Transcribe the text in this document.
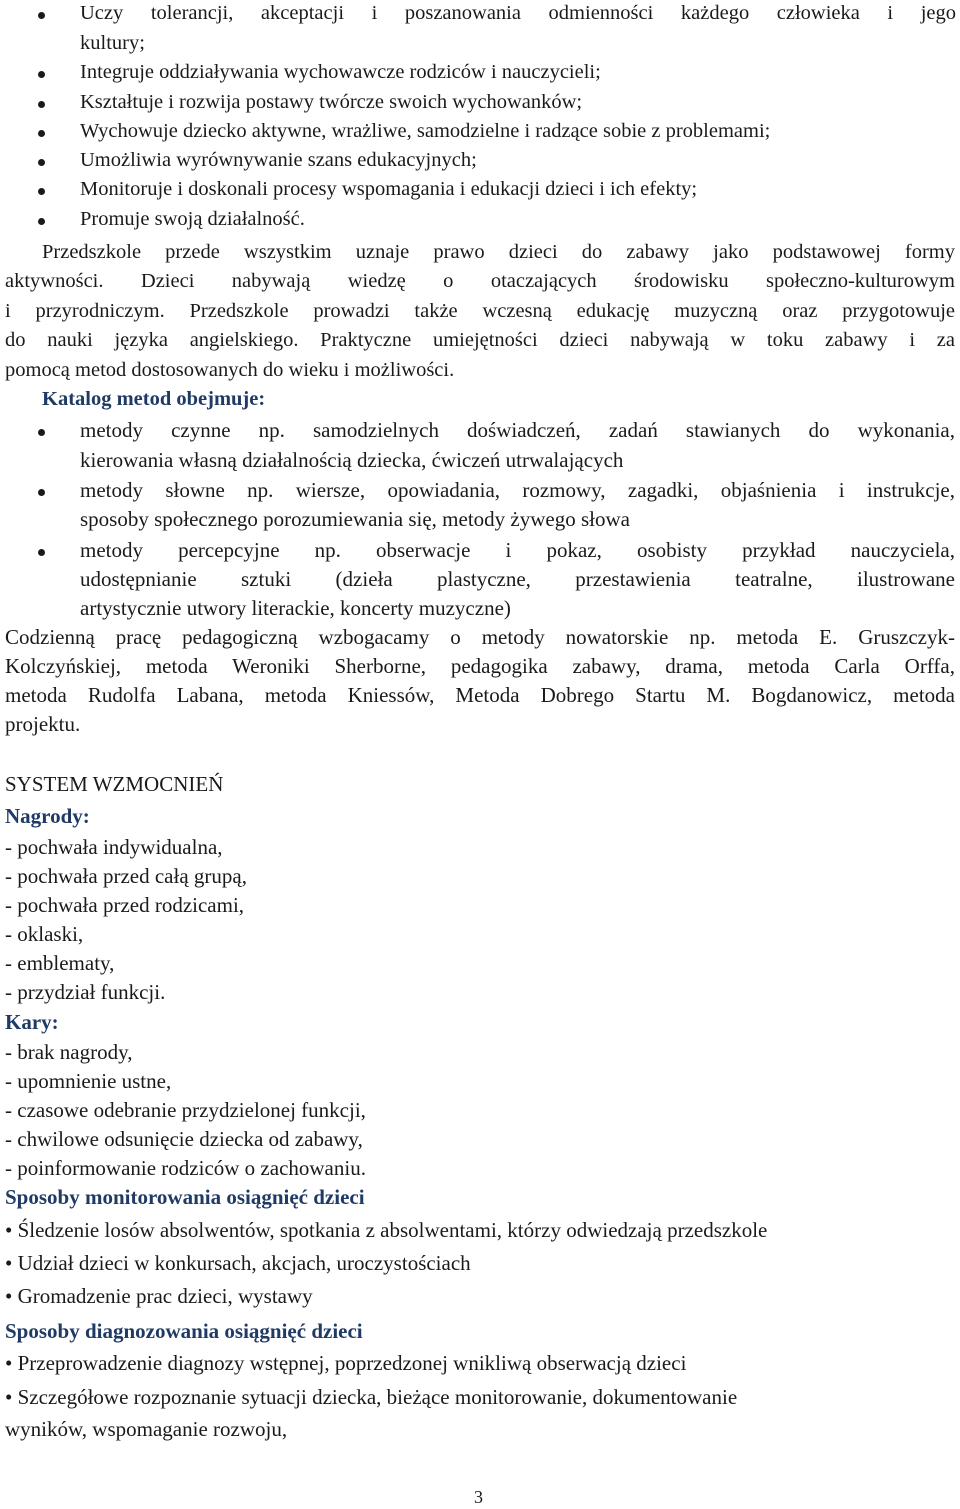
Uczy tolerancji, akceptacji i poszanowania odmienności każdego człowieka i jego
kultury;
Integruje oddziaływania wychowawcze rodziców i nauczycieli;
Kształtuje i rozwija postawy twórcze swoich wychowanków;
Wychowuje dziecko aktywne, wrażliwe, samodzielne i radzące sobie z problemami;
Umożliwia wyrównywanie szans edukacyjnych;
Monitoruje i doskonali procesy wspomagania i edukacji dzieci i ich efekty;
Promuje swoją działalność.
Przedszkole przede wszystkim uznaje prawo dzieci do zabawy jako podstawowej formy
aktywności. Dzieci nabywają wiedzę o otaczających środowisku społeczno-kulturowym
i przyrodniczym. Przedszkole prowadzi także wczesną edukację muzyczną oraz przygotowuje
do nauki języka angielskiego. Praktyczne umiejętności dzieci nabywają w toku zabawy i za
pomocą metod dostosowanych do wieku i możliwości.
Katalog metod obejmuje:
metody czynne np. samodzielnych doświadczeń, zadań stawianych do wykonania,
kierowania własną działalnością dziecka, ćwiczeń utrwalających
metody słowne np. wiersze, opowiadania, rozmowy, zagadki, objaśnienia i instrukcje,
sposoby społecznego porozumiewania się, metody żywego słowa
metody percepcyjne np. obserwacje i pokaz, osobisty przykład nauczyciela,
udostępnianie sztuki (dzieła plastyczne, przestawienia teatralne, ilustrowane
artystycznie utwory literackie, koncerty muzyczne)
Codzienną pracę pedagogiczną wzbogacamy o metody nowatorskie np. metoda E. Gruszczyk-
Kolczyńskiej, metoda Weroniki Sherborne, pedagogika zabawy, drama, metoda Carla Orffa,
metoda Rudolfa Labana, metoda Kniessów, Metoda Dobrego Startu M. Bogdanowicz, metoda
projektu.
SYSTEM WZMOCNIEŃ
Nagrody:
- pochwała indywidualna,
- pochwała przed całą grupą,
- pochwała przed rodzicami,
- oklaski,
- emblematy,
- przydział funkcji.
Kary:
- brak nagrody,
- upomnienie ustne,
- czasowe odebranie przydzielonej funkcji,
- chwilowe odsunięcie dziecka od zabawy,
- poinformowanie rodziców o zachowaniu.
Sposoby monitorowania osiągnięć dzieci
• Śledzenie losów absolwentów, spotkania z absolwentami, którzy odwiedzają przedszkole
• Udział dzieci w konkursach, akcjach, uroczystościach
• Gromadzenie prac dzieci, wystawy
Sposoby diagnozowania osiągnięć dzieci
• Przeprowadzenie diagnozy wstępnej, poprzedzonej wnikliwą obserwacją dzieci
• Szczegółowe rozpoznanie sytuacji dziecka, bieżące monitorowanie, dokumentowanie
wyników, wspomaganie rozwoju,
3
